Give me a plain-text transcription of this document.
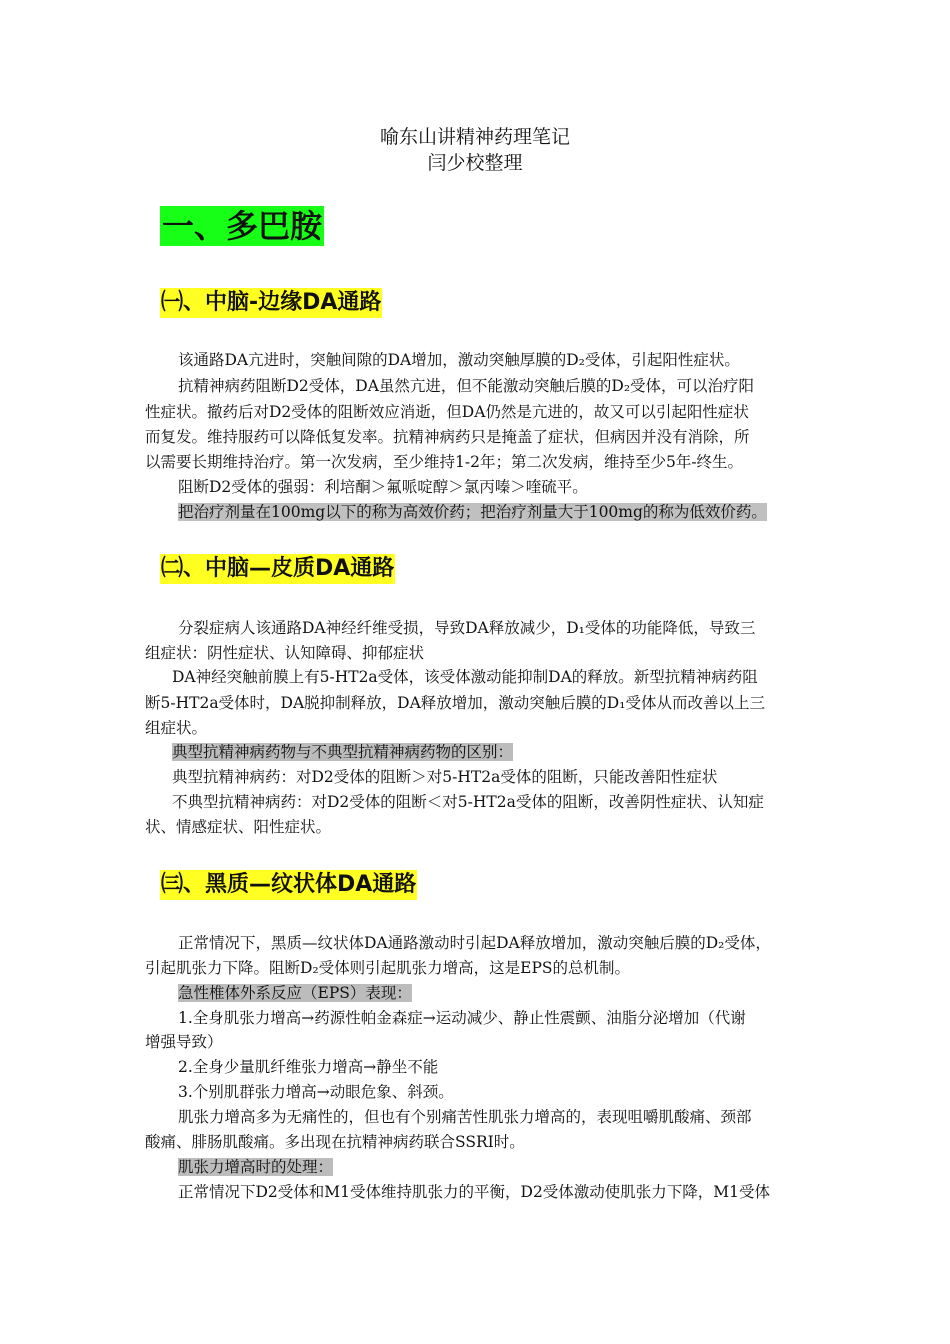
喻东山讲精神药理笔记
闫少校整理
一、多巴胺
㈠、中脑-边缘DA通路
该通路DA亢进时，突触间隙的DA增加，激动突触厚膜的D₂受体，引起阳性症状。
抗精神病药阻断D2受体，DA虽然亢进，但不能激动突触后膜的D₂受体，可以治疗阳
性症状。撤药后对D2受体的阻断效应消逝，但DA仍然是亢进的，故又可以引起阳性症状
而复发。维持服药可以降低复发率。抗精神病药只是掩盖了症状，但病因并没有消除，所
以需要长期维持治疗。第一次发病，至少维持1-2年；第二次发病，维持至少5年-终生。
阻断D2受体的强弱：利培酮＞氟哌啶醇＞氯丙嗪＞喹硫平。
把治疗剂量在100mg以下的称为高效价药；把治疗剂量大于100mg的称为低效价药。
㈡、中脑—皮质DA通路
分裂症病人该通路DA神经纤维受损，导致DA释放减少，D₁受体的功能降低，导致三
组症状：阴性症状、认知障碍、抑郁症状
DA神经突触前膜上有5-HT2a受体，该受体激动能抑制DA的释放。新型抗精神病药阻
断5-HT2a受体时，DA脱抑制释放，DA释放增加，激动突触后膜的D₁受体从而改善以上三
组症状。
典型抗精神病药物与不典型抗精神病药物的区别：
典型抗精神病药：对D2受体的阻断＞对5-HT2a受体的阻断，只能改善阳性症状
不典型抗精神病药：对D2受体的阻断＜对5-HT2a受体的阻断，改善阴性症状、认知症
状、情感症状、阳性症状。
㈢、黑质—纹状体DA通路
正常情况下，黑质—纹状体DA通路激动时引起DA释放增加，激动突触后膜的D₂受体，
引起肌张力下降。阻断D₂受体则引起肌张力增高，这是EPS的总机制。
急性椎体外系反应（EPS）表现：
1.全身肌张力增高→药源性帕金森症→运动减少、静止性震颤、油脂分泌增加（代谢
增强导致）
2.全身少量肌纤维张力增高→静坐不能
3.个别肌群张力增高→动眼危象、斜颈。
肌张力增高多为无痛性的，但也有个别痛苦性肌张力增高的，表现咀嚼肌酸痛、颈部
酸痛、腓肠肌酸痛。多出现在抗精神病药联合SSRI时。
肌张力增高时的处理：
正常情况下D2受体和M1受体维持肌张力的平衡，D2受体激动使肌张力下降，M1受体
